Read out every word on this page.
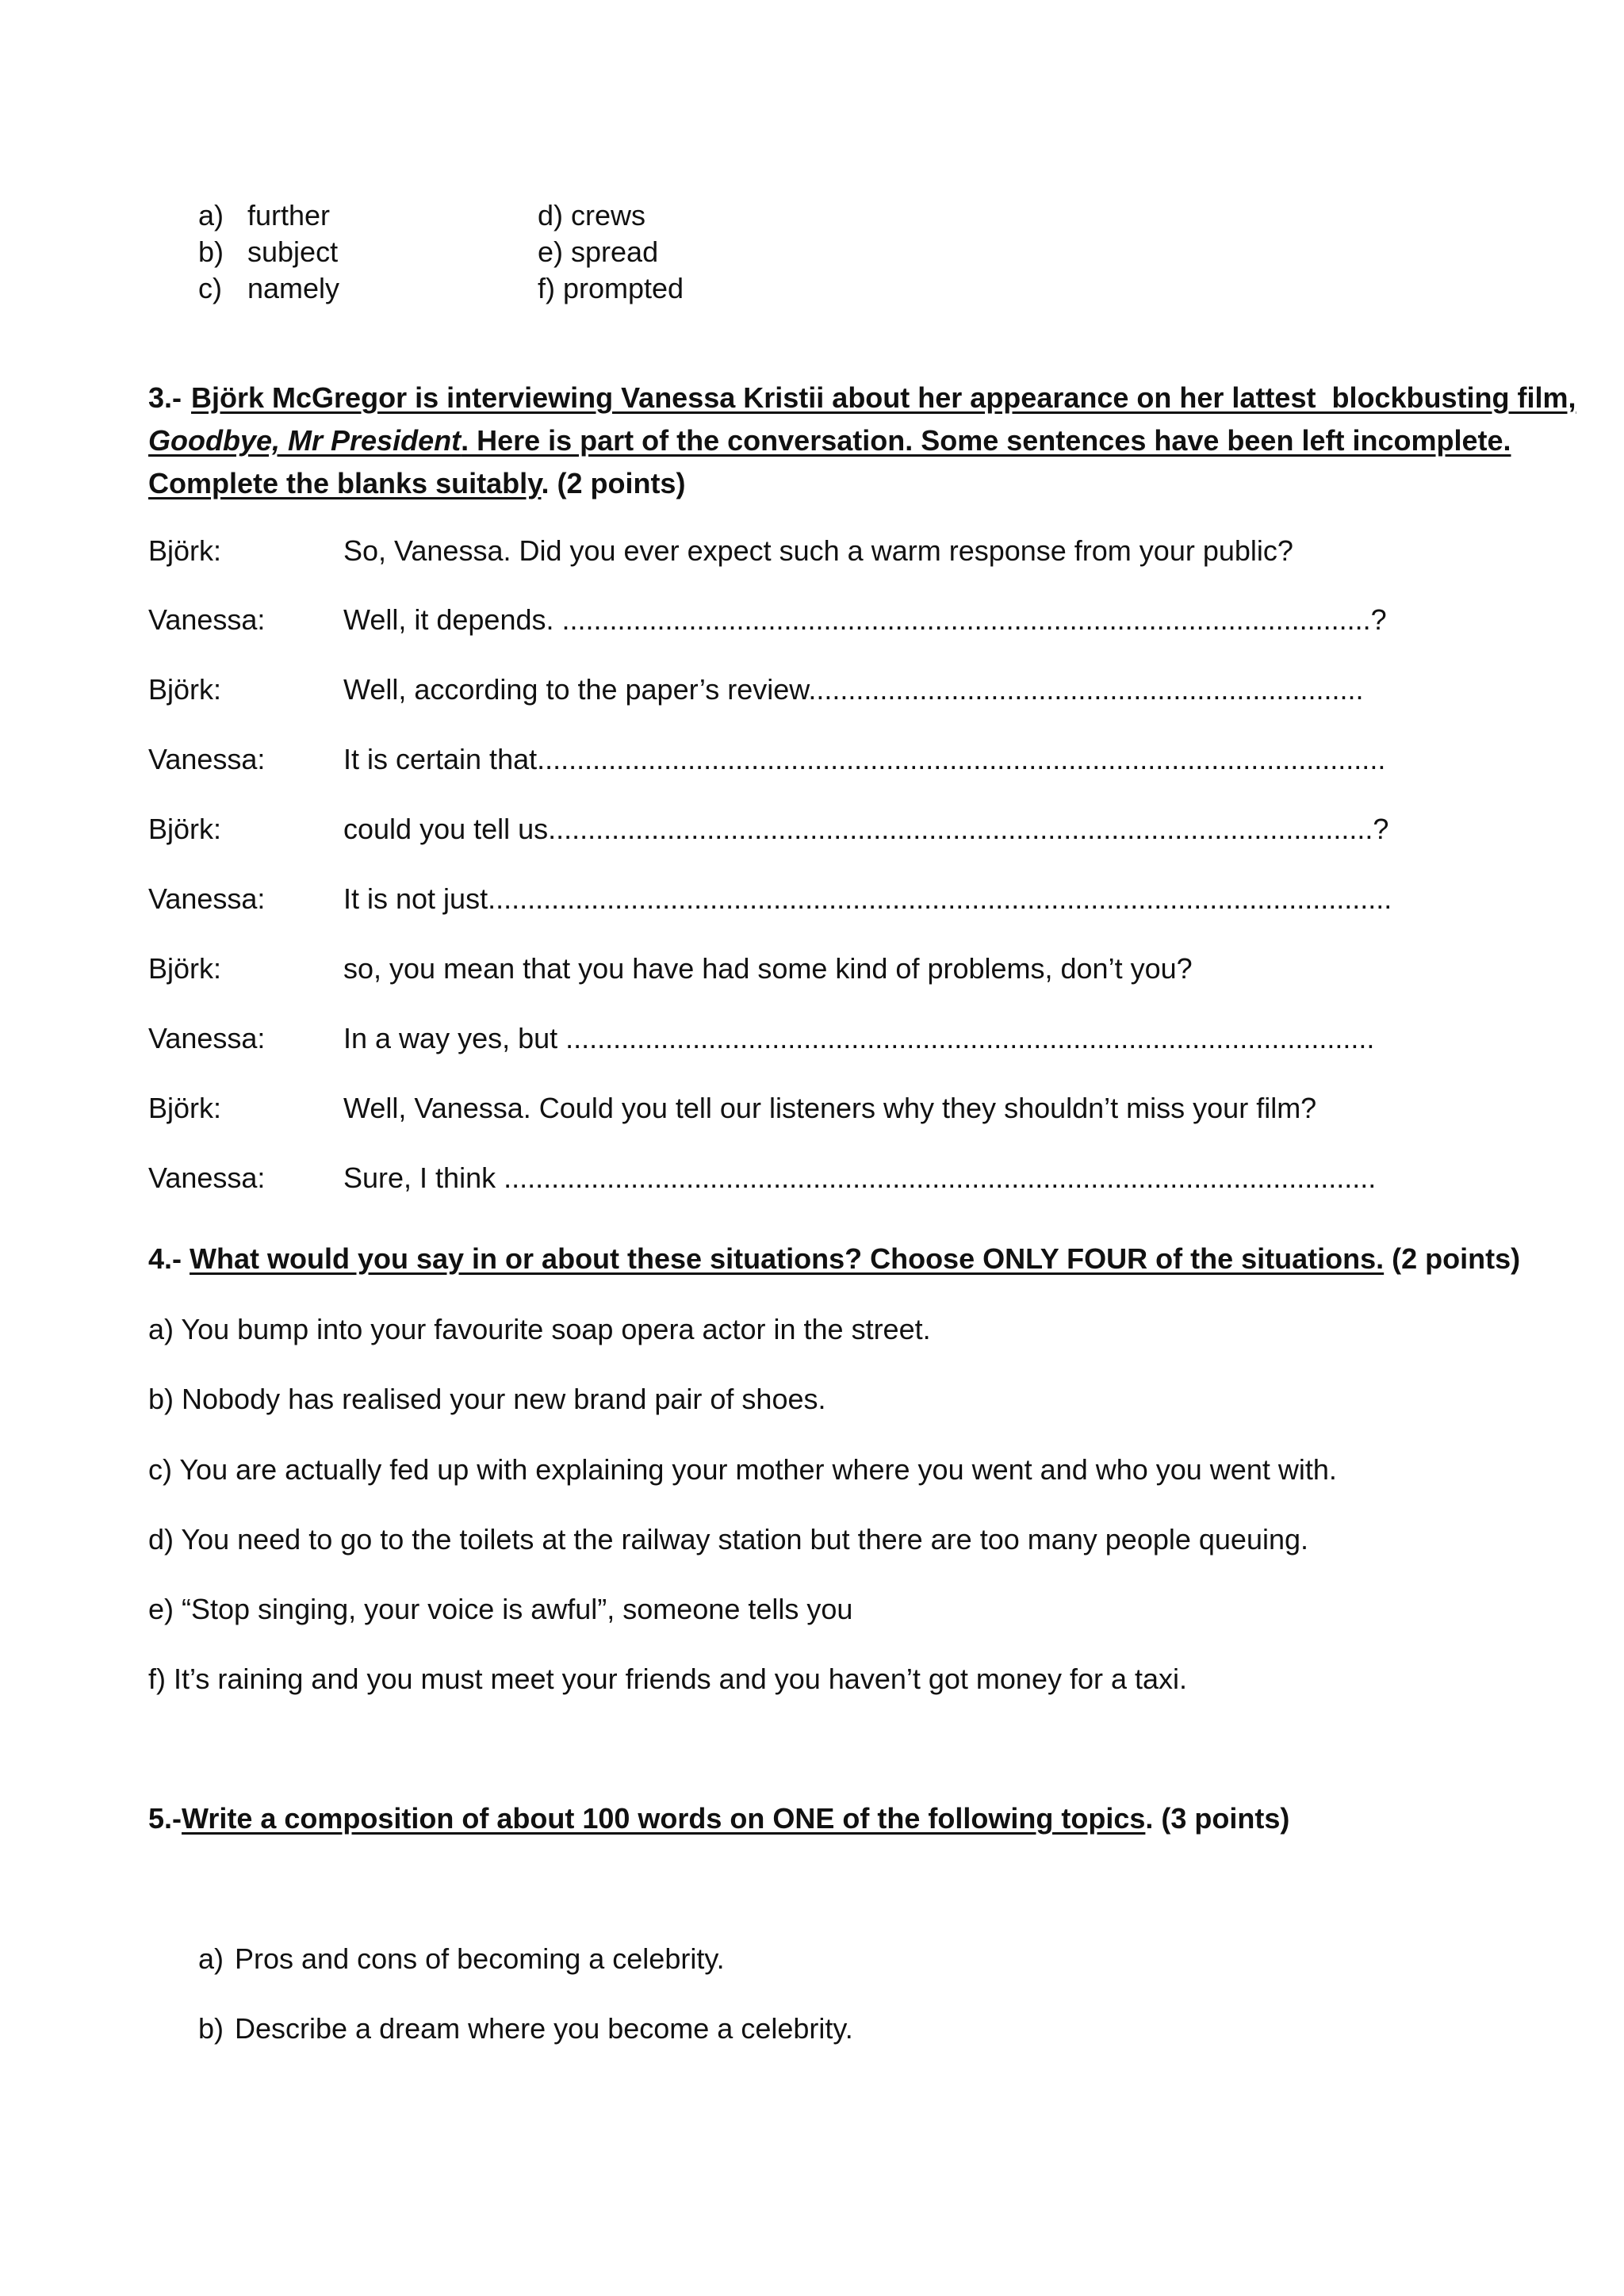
a) further
b) subject
c) namely
d) crews
e) spread
f) prompted
3.- Björk McGregor is interviewing Vanessa Kristii about her appearance on her lattest  blockbusting film,
Goodbye, Mr President. Here is part of the conversation. Some sentences have been left incomplete.
Complete the blanks suitably. (2 points)
Björk:	So, Vanessa. Did you ever expect such a warm response from your public?
Vanessa:	Well, it depends. ......................................................................................................?
Björk:	Well, according to the paper’s review......................................................................
Vanessa:	It is certain that...........................................................................................................
Björk:	could you tell us........................................................................................................?
Vanessa:	It is not just..................................................................................................................
Björk:	so, you mean that you have had some kind of problems, don’t you?
Vanessa:	In a way yes, but ......................................................................................................
Björk:	Well, Vanessa. Could you tell our listeners why they shouldn’t miss your film?
Vanessa:	Sure, I think ..............................................................................................................
4.- What would you say in or about these situations? Choose ONLY FOUR of the situations. (2 points)
a) You bump into your favourite soap opera actor in the street.
b) Nobody has realised your new brand pair of shoes.
c) You are actually fed up with explaining your mother where you went and who you went with.
d) You need to go to the toilets at the railway station but there are too many people queuing.
e) “Stop singing, your voice is awful”, someone tells you
f) It’s raining and you must meet your friends and you haven’t got money for a taxi.
5.-Write a composition of about 100 words on ONE of the following topics. (3 points)
a) Pros and cons of becoming a celebrity.
b) Describe a dream where you become a celebrity.
